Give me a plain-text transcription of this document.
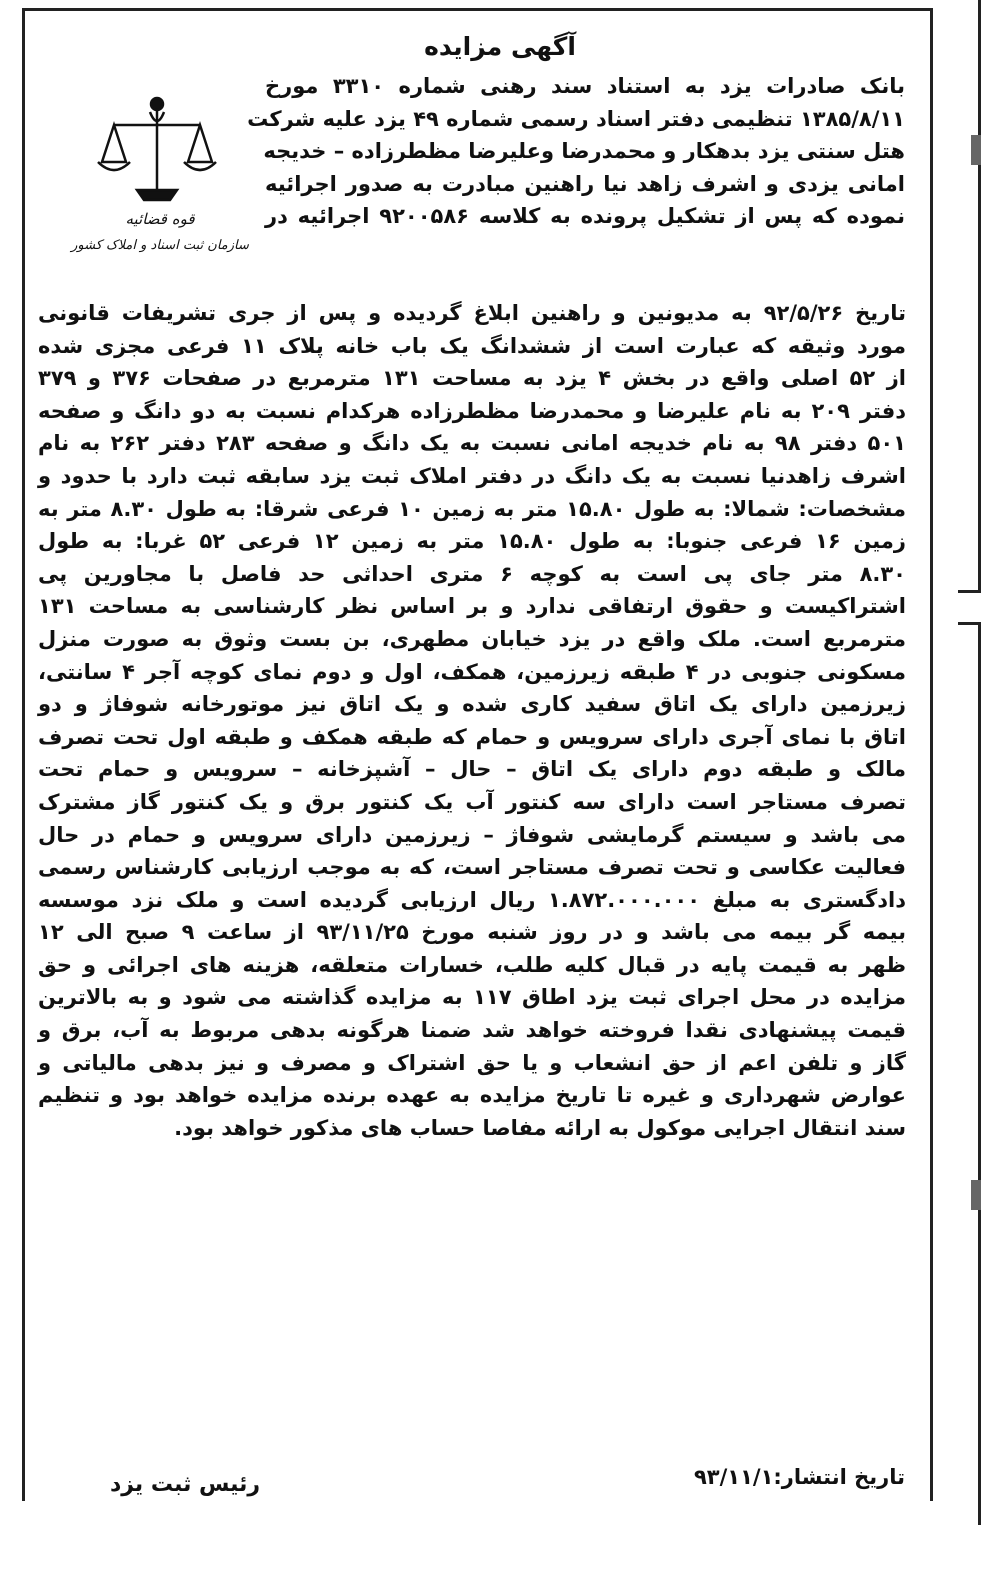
آگهی مزایده
قوه قضائیه
سازمان ثبت اسناد و املاک کشور

بانک صادرات یزد به استناد سند رهنی شماره ۳۳۱۰ مورخ

۱۳۸۵/۸/۱۱ تنظیمی دفتر اسناد رسمی شماره ۴۹ یزد علیه شرکت

هتل سنتی یزد بدهکار و محمدرضا وعلیرضا مظطرزاده – خدیجه

امانی یزدی و اشرف زاهد نیا راهنین مبادرت به صدور اجرائیه

نموده که پس از تشکیل پرونده به کلاسه ۹۲۰۰۵۸۶ اجرائیه در

تاریخ ۹۲/۵/۲۶ به مدیونین و راهنین ابلاغ گردیده و پس از جری تشریفات قانونی

مورد وثیقه که عبارت است از ششدانگ یک باب خانه پلاک ۱۱ فرعی مجزی شده

از ۵۲ اصلی واقع در بخش ۴ یزد به مساحت ۱۳۱ مترمربع در صفحات ۳۷۶ و ۳۷۹

دفتر ۲۰۹ به نام علیرضا و محمدرضا مظطرزاده هرکدام نسبت به دو دانگ و صفحه

۵۰۱ دفتر ۹۸ به نام خدیجه امانی نسبت به یک دانگ و صفحه ۲۸۳ دفتر ۲۶۲ به نام

اشرف زاهدنیا نسبت به یک دانگ در دفتر املاک ثبت یزد سابقه ثبت دارد با حدود و

مشخصات: شمالا: به طول ۱۵.۸۰ متر به زمین ۱۰ فرعی شرقا: به طول ۸.۳۰ متر به

زمین ۱۶ فرعی جنوبا: به طول ۱۵.۸۰ متر به زمین ۱۲ فرعی ۵۲ غربا: به طول

۸.۳۰ متر جای پی است به کوچه ۶ متری احداثی حد فاصل با مجاورین پی

اشتراکیست و حقوق ارتفاقی ندارد و بر اساس نظر کارشناسی به مساحت ۱۳۱

مترمربع است. ملک واقع در یزد خیابان مطهری، بن بست وثوق به صورت منزل

مسکونی جنوبی در ۴ طبقه زیرزمین، همکف، اول و دوم نمای کوچه آجر ۴ سانتی،

زیرزمین دارای یک اتاق سفید کاری شده و یک اتاق نیز موتورخانه شوفاژ و دو

اتاق با نمای آجری دارای سرویس و حمام که طبقه همکف و طبقه اول تحت تصرف

مالک و طبقه دوم دارای یک اتاق – حال – آشپزخانه – سرویس و حمام تحت

تصرف مستاجر است دارای سه کنتور آب یک کنتور برق و یک کنتور گاز مشترک

می باشد و سیستم گرمایشی شوفاژ – زیرزمین دارای سرویس و حمام در حال

فعالیت عکاسی و تحت تصرف مستاجر است، که به موجب ارزیابی کارشناس رسمی

دادگستری به مبلغ ۱.۸۷۲.۰۰۰.۰۰۰ ریال ارزیابی گردیده است و ملک نزد موسسه

بیمه گر بیمه می باشد و در روز شنبه مورخ ۹۳/۱۱/۲۵ از ساعت ۹ صبح الی ۱۲

ظهر به قیمت پایه در قبال کلیه طلب، خسارات متعلقه، هزینه های اجرائی و حق

مزایده در محل اجرای ثبت یزد اطاق ۱۱۷ به مزایده گذاشته می شود و به بالاترین

قیمت پیشنهادی نقدا فروخته خواهد شد ضمنا هرگونه بدهی مربوط به آب، برق و

گاز و تلفن اعم از حق انشعاب و یا حق اشتراک و مصرف و نیز بدهی مالیاتی و

عوارض شهرداری و غیره تا تاریخ مزایده به عهده برنده مزایده خواهد بود و تنظیم

سند انتقال اجرایی موکول به ارائه مفاصا حساب های مذکور خواهد بود.

تاریخ انتشار:۹۳/۱۱/۱
رئیس ثبت یزد
